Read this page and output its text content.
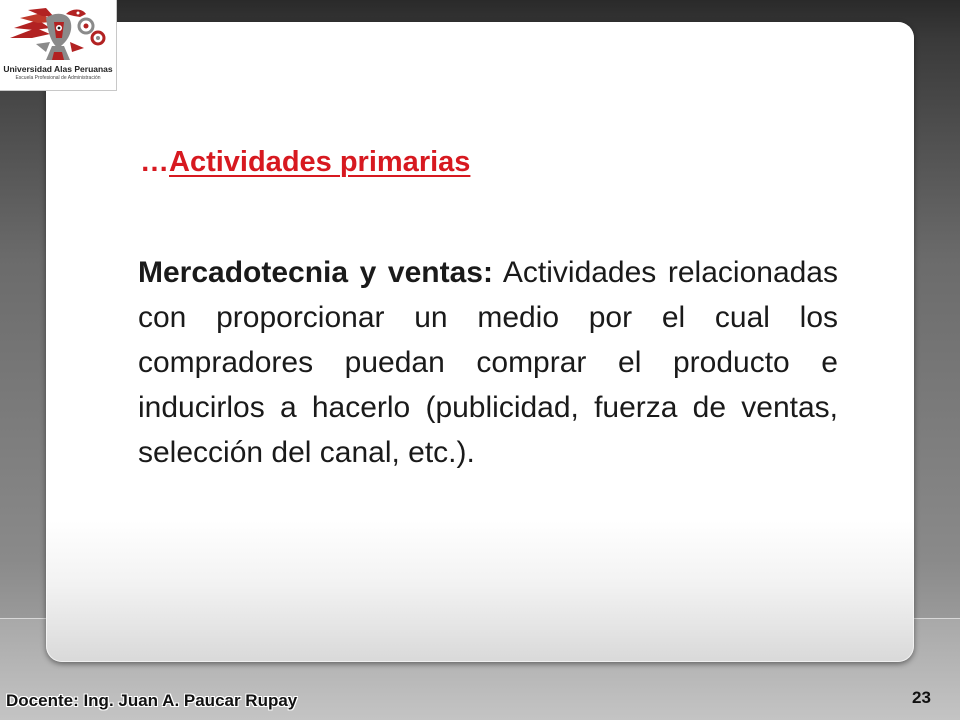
Universidad Alas Peruanas
Escuela Profesional de Administración
…Actividades primarias
Mercadotecnia y ventas: Actividades relacionadas con proporcionar un medio por el cual los compradores puedan comprar el producto e inducirlos a hacerlo (publicidad, fuerza de ventas, selección del canal, etc.).
Docente: Ing. Juan A. Paucar Rupay	23
